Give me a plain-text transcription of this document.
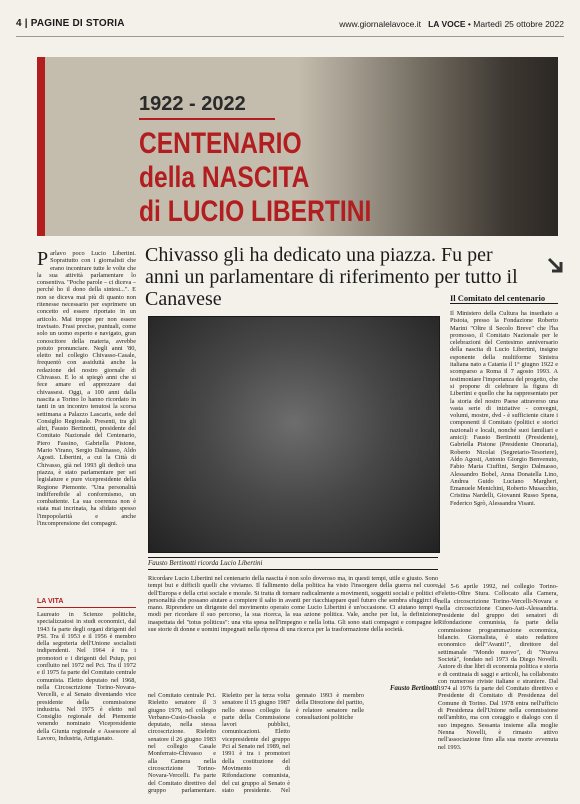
4 | PAGINE DI STORIA	www.giornalelavoce.it LA VOCE • Martedì 25 ottobre 2022
1922 - 2022
CENTENARIO
della NASCITA
di LUCIO LIBERTINI
Chivasso gli ha dedicato una piazza. Fu per anni un parlamentare di riferimento per tutto il Canavese
Parlavo poco Lucio Libertini. Soprattutto con i giornalisti che erano incontrare tutte le volte che la sua attività parlamentare lo consentiva. "Poche parole – ci diceva – perché ho il dono della sintesi...". E non se diceva mai più di quanto non ritenesse necessario per esprimere un concetto ed essere riportato in un articolo. Mai troppe per non essere travisato. Frasi precise, puntuali, come solo un uomo esperto e navigato, gran conoscitore della materia, avrebbe potuto pronunciare. Negli anni '80, eletto nel collegio Chivasso-Casale, frequentò con assiduità anche la redazione del nostro giornale di Chivasso. E lo si spiegò anni che si fece amare ed apprezzare dai chivassesi. Oggi, a 100 anni dalla nascita a Torino lo hanno ricordato in tanti in un incontro tenutosi la scorsa settimana a Palazzo Lascaris, sede del Consiglio Regionale. Presenti, tra gli altri, Fausto Bertinotti, presidente del Comitato Nazionale del Centenario, Piero Fassino, Gabriella Pistone, Mario Virano, Sergio Dalmasso, Aldo Agosti. Libertini, a cui la Città di Chivasso, già nel 1993 gli dedicò una piazza, è stato parlamentare per sei legislature e pure vicepresidente della Regione Piemonte. "Una personalità indiffereibile al conformismo, un combattente. La sua coerenza non è stata mai incrinata, ha sfidato spesso l'impopolarità e anche l'incomprensione dei compagni.
LA VITA
Laureato in Scienze politiche, specializzatosi in studi economici, dal 1943 fa parte degli organi dirigenti del PSI. Tra il 1953 e il 1956 è membro della segreteria dell'Unione socialisti indipendenti. Nel 1964 è tra i promotori e i dirigenti del Psiup, poi confluito nel 1972 nel Pci. Tra il 1972 e il 1975 fa parte del Comitato centrale comunista. Eletto deputato nel 1968, nella Circoscrizione Torino-Novara-Vercelli, e al Senato diventando vice presidente della commissione industria. Nel 1975 è eletto nel Consiglio regionale del Piemonte venendo nominato Vicepresidente della Giunta regionale e Assessore al Lavoro, Industria, Artigianato.
Fausto Bertinotti ricorda Lucio Libertini
Ricordare Lucio Libertini nel centenario della nascita è non solo doveroso ma, in questi tempi, utile e giusto. Sono tempi bui e difficili quelli che viviamo. Il fallimento della politica ha visto l'insorgere della guerra nel cuore dell'Europa e della crisi sociale e morale. Si tratta di tornare radicalmente a movimenti, soggetti sociali e politici e personalità che possano aiutare a compiere il salto in avanti per riacchiappare quel futuro che sembra sfuggirci di mano. Riprendere un dirigente del movimento operaio come Lucio Libertini è un'occasione. Ci aiutano tempi e modi per ricordare il suo percorso, la sua ricerca, la sua azione politica. Vale, anche per lui, la definizione inaspettata del "totus politicus": una vita spesa nell'impegno e nella lotta. Gli sono stati compagni e compagne le sue storie di donne e uomini impegnati nella ripresa di una ricerca per la trasformazione della società.
Fausto Bertinotti
nel Comitato centrale Pci. Rieletto senatore il 3 giugno 1979, nel collegio Verbano-Cusio-Ossola e deputato, nella stessa circoscrizione. Rieletto senatore il 26 giugno 1983 nel collegio Casale Monferrato-Chivasso e alla Camera nella circoscrizione Torino-Novara-Vercelli. Fa parte del Comitato direttivo del gruppo parlamentare. Rieletto per la terza volta senatore il 15 giugno 1987 nello stesso collegio fa parte della Commissione lavori pubblici, comunicazioni. Eletto vicepresidente del gruppo Pci al Senato nel 1989, nel 1991 è tra i promotori della costituzione del Movimento di Rifondazione comunista, del cui gruppo al Senato è stato presidente. Nel gennaio 1993 è membro della Direzione del partito, è relatore senatore nelle consultazioni politiche
Il Comitato del centenario
Il Ministero della Cultura ha insediato a Pistoia, presso la Fondazione Roberto Marini "Oltre il Secolo Breve" che l'ha promosso, il Comitato Nazionale per le celebrazioni del Centesimo anniversario della nascita di Lucio Libertini, insigne esponente della multiforme Sinistra italiana nato a Catania il 1° giugno 1922 e scomparso a Roma il 7 agosto 1993. A testimoniare l'importanza del progetto, che si propone di celebrare la figura di Libertini e quello che ha rappresentato per la storia del nostro Paese attraverso una vasta serie di iniziative - convegni, volumi, mostre, dvd - è sufficiente citare i componenti il Comitato (politici e storici nazionali e locali, nonché suoi familiari e amici): Fausto Bertinotti (Presidente), Gabriella Pistone (Presidente Onoraria), Roberto Nicolai (Segretario-Tesoriere), Aldo Agosti, Antonio Giorgio Benvenuto, Fabio Maria Ciuffini, Sergio Dalmasso, Alessandro Bobel, Anna Donatella Lino, Andrea Guido Luciano Margheri, Emanuele Menichini, Roberto Musacchio, Cristina Nardelli, Giovanni Russo Spena, Federico Sgrò, Alessandra Visani.
del 5-6 aprile 1992, nel collegio Torino-Feletto-Oltre Stura. Collocato alla Camera, nella circoscrizione Torino-Vercelli-Novara e nella circoscrizione Cuneo-Asti-Alessandria. Presidente del gruppo dei senatori di Rifondazione comunista, fa parte della commissione programmazione economica, bilancio. Giornalista, è stato redattore economico dell'"Avanti!", direttore del settimanale "Mondo nuovo", di "Nuova Società", fondato nel 1973 da Diego Novelli. Autore di due libri di economia politica e storia e di centinaia di saggi e articoli, ha collaborato con numerose riviste italiane e straniere. Dal 1974 al 1976 fa parte del Comitato direttivo e Presidente di Comitato di Presidenza del Comune di Torino. Dal 1978 entra nell'ufficio di Presidenza dell'Unione nella commissione nell'ambito, ma con coraggio e dialogo con il suo impegno. Sessanta insieme alla moglie Nenna Novelli, è rimasto attivo nell'associazione fino alla sua morte avvenuta nel 1993.
